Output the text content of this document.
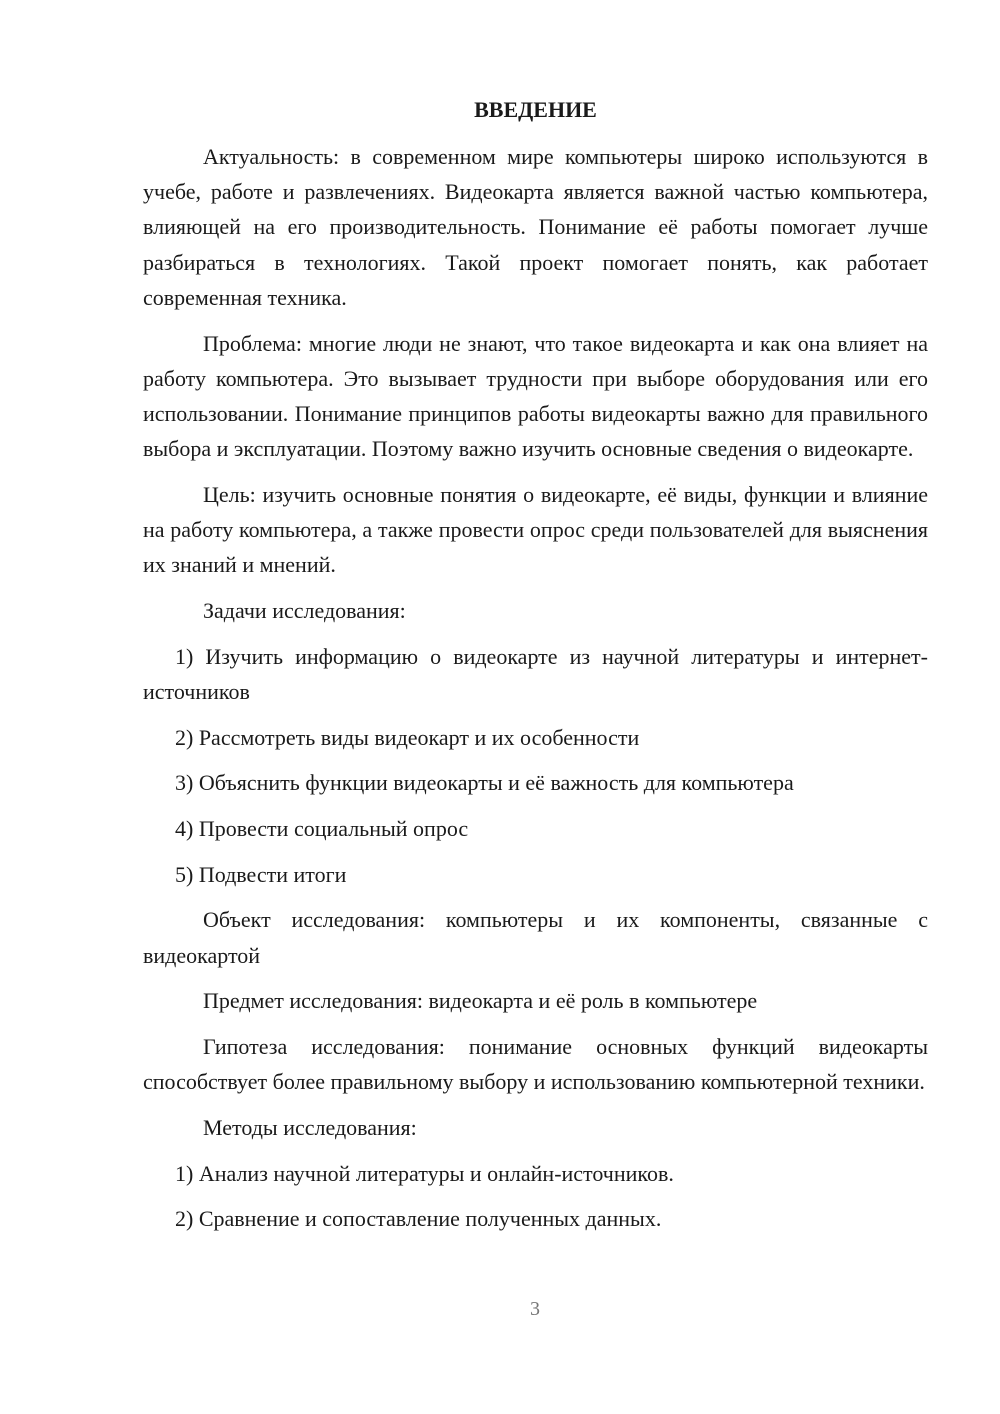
ВВЕДЕНИЕ

Актуальность: в современном мире компьютеры широко используются в учебе, работе и развлечениях. Видеокарта является важной частью компьютера, влияющей на его производительность. Понимание её работы помогает лучше разбираться в технологиях. Такой проект помогает понять, как работает современная техника.

Проблема: многие люди не знают, что такое видеокарта и как она влияет на работу компьютера. Это вызывает трудности при выборе оборудования или его использовании. Понимание принципов работы видеокарты важно для правильного выбора и эксплуатации. Поэтому важно изучить основные сведения о видеокарте.

Цель: изучить основные понятия о видеокарте, её виды, функции и влияние на работу компьютера, а также провести опрос среди пользователей для выяснения их знаний и мнений.

Задачи исследования:

1) Изучить информацию о видеокарте из научной литературы и интернет-источников

2) Рассмотреть виды видеокарт и их особенности

3) Объяснить функции видеокарты и её важность для компьютера

4) Провести социальный опрос

5) Подвести итоги

Объект исследования: компьютеры и их компоненты, связанные с видеокартой

Предмет исследования: видеокарта и её роль в компьютере

Гипотеза исследования: понимание основных функций видеокарты способствует более правильному выбору и использованию компьютерной техники.

Методы исследования:

1) Анализ научной литературы и онлайн-источников.

2) Сравнение и сопоставление полученных данных.

3
